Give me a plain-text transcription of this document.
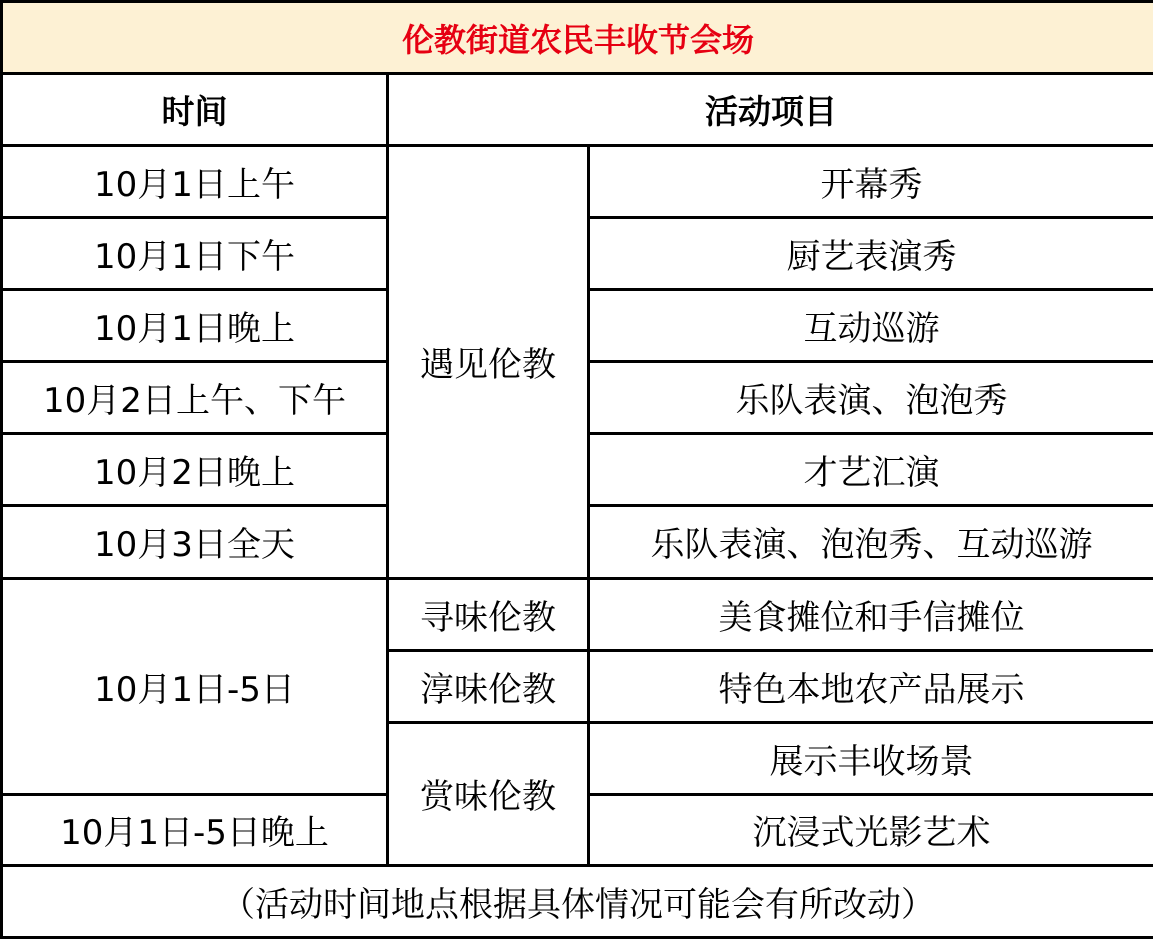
伦教街道农民丰收节会场		
时间	活动项目	
10月1日上午	遇见伦教	开幕秀
10月1日下午		厨艺表演秀
10月1日晚上		互动巡游
10月2日上午、下午		乐队表演、泡泡秀
10月2日晚上		才艺汇演
10月3日全天		乐队表演、泡泡秀、互动巡游
10月1日-5日	寻味伦教	美食摊位和手信摊位
	淳味伦教	特色本地农产品展示
	赏味伦教	展示丰收场景
10月1日-5日晚上		沉浸式光影艺术
（活动时间地点根据具体情况可能会有所改动）		
